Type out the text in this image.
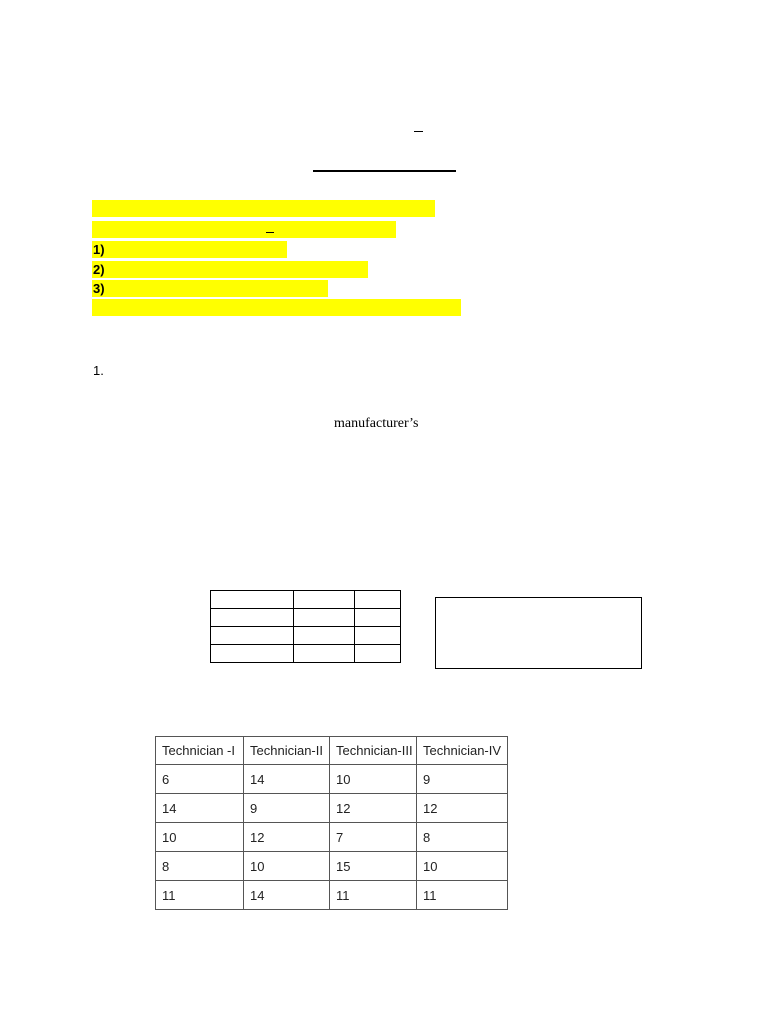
1)
2)
3)
1.
manufacturer’s

Technician -I	Technician-II	Technician-III	Technician-IV
6	14	10	9
14	9	12	12
10	12	7	8
8	10	15	10
11	14	11	11
